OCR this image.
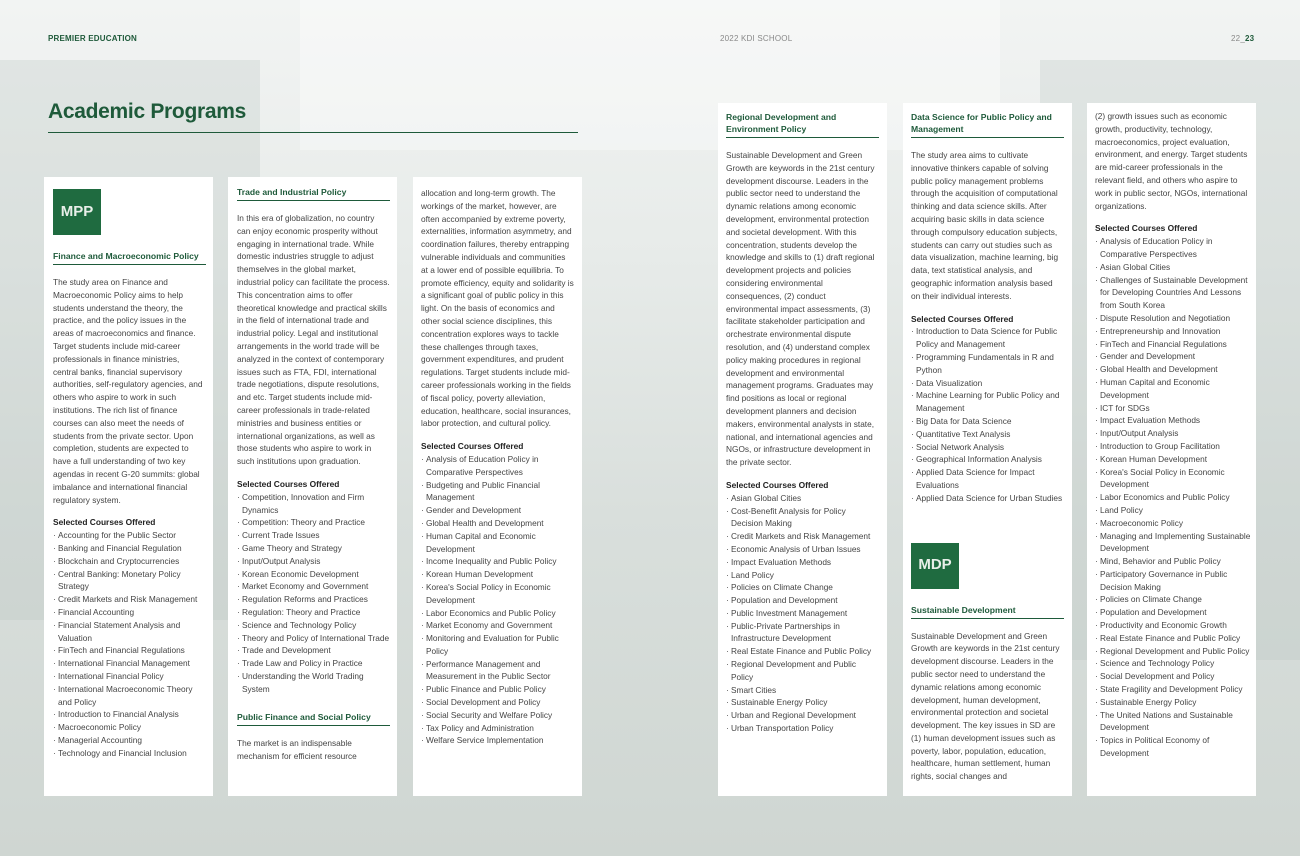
PREMIER EDUCATION	2022 KDI SCHOOL	22_23
Academic Programs
MPP
Finance and Macroeconomic Policy

The study area on Finance and Macroeconomic Policy aims to help students understand the theory, the practice, and the policy issues in the areas of macroeconomics and finance. Target students include mid-career professionals in finance ministries, central banks, financial supervisory authorities, self-regulatory agencies, and others who aspire to work in such institutions. The rich list of finance courses can also meet the needs of students from the private sector. Upon completion, students are expected to have a full understanding of two key agendas in recent G-20 summits: global imbalance and international financial regulatory system.

Selected Courses Offered
· Accounting for the Public Sector
· Banking and Financial Regulation
· Blockchain and Cryptocurrencies
· Central Banking: Monetary Policy Strategy
· Credit Markets and Risk Management
· Financial Accounting
· Financial Statement Analysis and Valuation
· FinTech and Financial Regulations
· International Financial Management
· International Financial Policy
· International Macroeconomic Theory and Policy
· Introduction to Financial Analysis
· Macroeconomic Policy
· Managerial Accounting
· Technology and Financial Inclusion
Trade and Industrial Policy

In this era of globalization, no country can enjoy economic prosperity without engaging in international trade. While domestic industries struggle to adjust themselves in the global market, industrial policy can facilitate the process. This concentration aims to offer theoretical knowledge and practical skills in the field of international trade and industrial policy. Legal and institutional arrangements in the world trade will be analyzed in the context of contemporary issues such as FTA, FDI, international trade negotiations, dispute resolutions, and etc. Target students include mid-career professionals in trade-related ministries and business entities or international organizations, as well as those students who aspire to work in such institutions upon graduation.

Selected Courses Offered
· Competition, Innovation and Firm Dynamics
· Competition: Theory and Practice
· Current Trade Issues
· Game Theory and Strategy
· Input/Output Analysis
· Korean Economic Development
· Market Economy and Government
· Regulation Reforms and Practices
· Regulation: Theory and Practice
· Science and Technology Policy
· Theory and Policy of International Trade
· Trade and Development
· Trade Law and Policy in Practice
· Understanding the World Trading System
Public Finance and Social Policy

The market is an indispensable mechanism for efficient resource

allocation and long-term growth. The workings of the market, however, are often accompanied by extreme poverty, externalities, information asymmetry, and coordination failures, thereby entrapping vulnerable individuals and communities at a lower end of possible equilibria. To promote efficiency, equity and solidarity is a significant goal of public policy in this light. On the basis of economics and other social science disciplines, this concentration explores ways to tackle these challenges through taxes, government expenditures, and prudent regulations. Target students include mid-career professionals working in the fields of fiscal policy, poverty alleviation, education, healthcare, social insurances, labor protection, and cultural policy.

Selected Courses Offered
· Analysis of Education Policy in Comparative Perspectives
· Budgeting and Public Financial Management
· Gender and Development
· Global Health and Development
· Human Capital and Economic Development
· Income Inequality and Public Policy
· Korean Human Development
· Korea's Social Policy in Economic Development
· Labor Economics and Public Policy
· Market Economy and Government
· Monitoring and Evaluation for Public Policy
· Performance Management and Measurement in the Public Sector
· Public Finance and Public Policy
· Social Development and Policy
· Social Security and Welfare Policy
· Tax Policy and Administration
· Welfare Service Implementation
Regional Development and Environment Policy

Sustainable Development and Green Growth are keywords in the 21st century development discourse. Leaders in the public sector need to understand the dynamic relations among economic development, environmental protection and societal development. With this concentration, students develop the knowledge and skills to (1) draft regional development projects and policies considering environmental consequences, (2) conduct environmental impact assessments, (3) facilitate stakeholder participation and orchestrate environmental dispute resolution, and (4) understand complex policy making procedures in regional development and environmental management programs. Graduates may find positions as local or regional development planners and decision makers, environmental analysts in state, national, and international agencies and NGOs, or infrastructure development in the private sector.

Selected Courses Offered
· Asian Global Cities
· Cost-Benefit Analysis for Policy Decision Making
· Credit Markets and Risk Management
· Economic Analysis of Urban Issues
· Impact Evaluation Methods
· Land Policy
· Policies on Climate Change
· Population and Development
· Public Investment Management
· Public-Private Partnerships in Infrastructure Development
· Real Estate Finance and Public Policy
· Regional Development and Public Policy
· Smart Cities
· Sustainable Energy Policy
· Urban and Regional Development
· Urban Transportation Policy
Data Science for Public Policy and Management

The study area aims to cultivate innovative thinkers capable of solving public policy management problems through the acquisition of computational thinking and data science skills. After acquiring basic skills in data science through compulsory education subjects, students can carry out studies such as data visualization, machine learning, big data, text statistical analysis, and geographic information analysis based on their individual interests.

Selected Courses Offered
· Introduction to Data Science for Public Policy and Management
· Programming Fundamentals in R and Python
· Data Visualization
· Machine Learning for Public Policy and Management
· Big Data for Data Science
· Quantitative Text Analysis
· Social Network Analysis
· Geographical Information Analysis
· Applied Data Science for Impact Evaluations
· Applied Data Science for Urban Studies
MDP
Sustainable Development

Sustainable Development and Green Growth are keywords in the 21st century development discourse. Leaders in the public sector need to understand the dynamic relations among economic development, human development, environmental protection and societal development. The key issues in SD are (1) human development issues such as poverty, labor, population, education, healthcare, human settlement, human rights, social changes and

(2) growth issues such as economic growth, productivity, technology, macroeconomics, project evaluation, environment, and energy. Target students are mid-career professionals in the relevant field, and others who aspire to work in public sector, NGOs, international organizations.

Selected Courses Offered
· Analysis of Education Policy in Comparative Perspectives
· Asian Global Cities
· Challenges of Sustainable Development for Developing Countries And Lessons from South Korea
· Dispute Resolution and Negotiation
· Entrepreneurship and Innovation
· FinTech and Financial Regulations
· Gender and Development
· Global Health and Development
· Human Capital and Economic Development
· ICT for SDGs
· Impact Evaluation Methods
· Input/Output Analysis
· Introduction to Group Facilitation
· Korean Human Development
· Korea's Social Policy in Economic Development
· Labor Economics and Public Policy
· Land Policy
· Macroeconomic Policy
· Managing and Implementing Sustainable Development
· Mind, Behavior and Public Policy
· Participatory Governance in Public Decision Making
· Policies on Climate Change
· Population and Development
· Productivity and Economic Growth
· Real Estate Finance and Public Policy
· Regional Development and Public Policy
· Science and Technology Policy
· Social Development and Policy
· State Fragility and Development Policy
· Sustainable Energy Policy
· The United Nations and Sustainable Development
· Topics in Political Economy of Development
